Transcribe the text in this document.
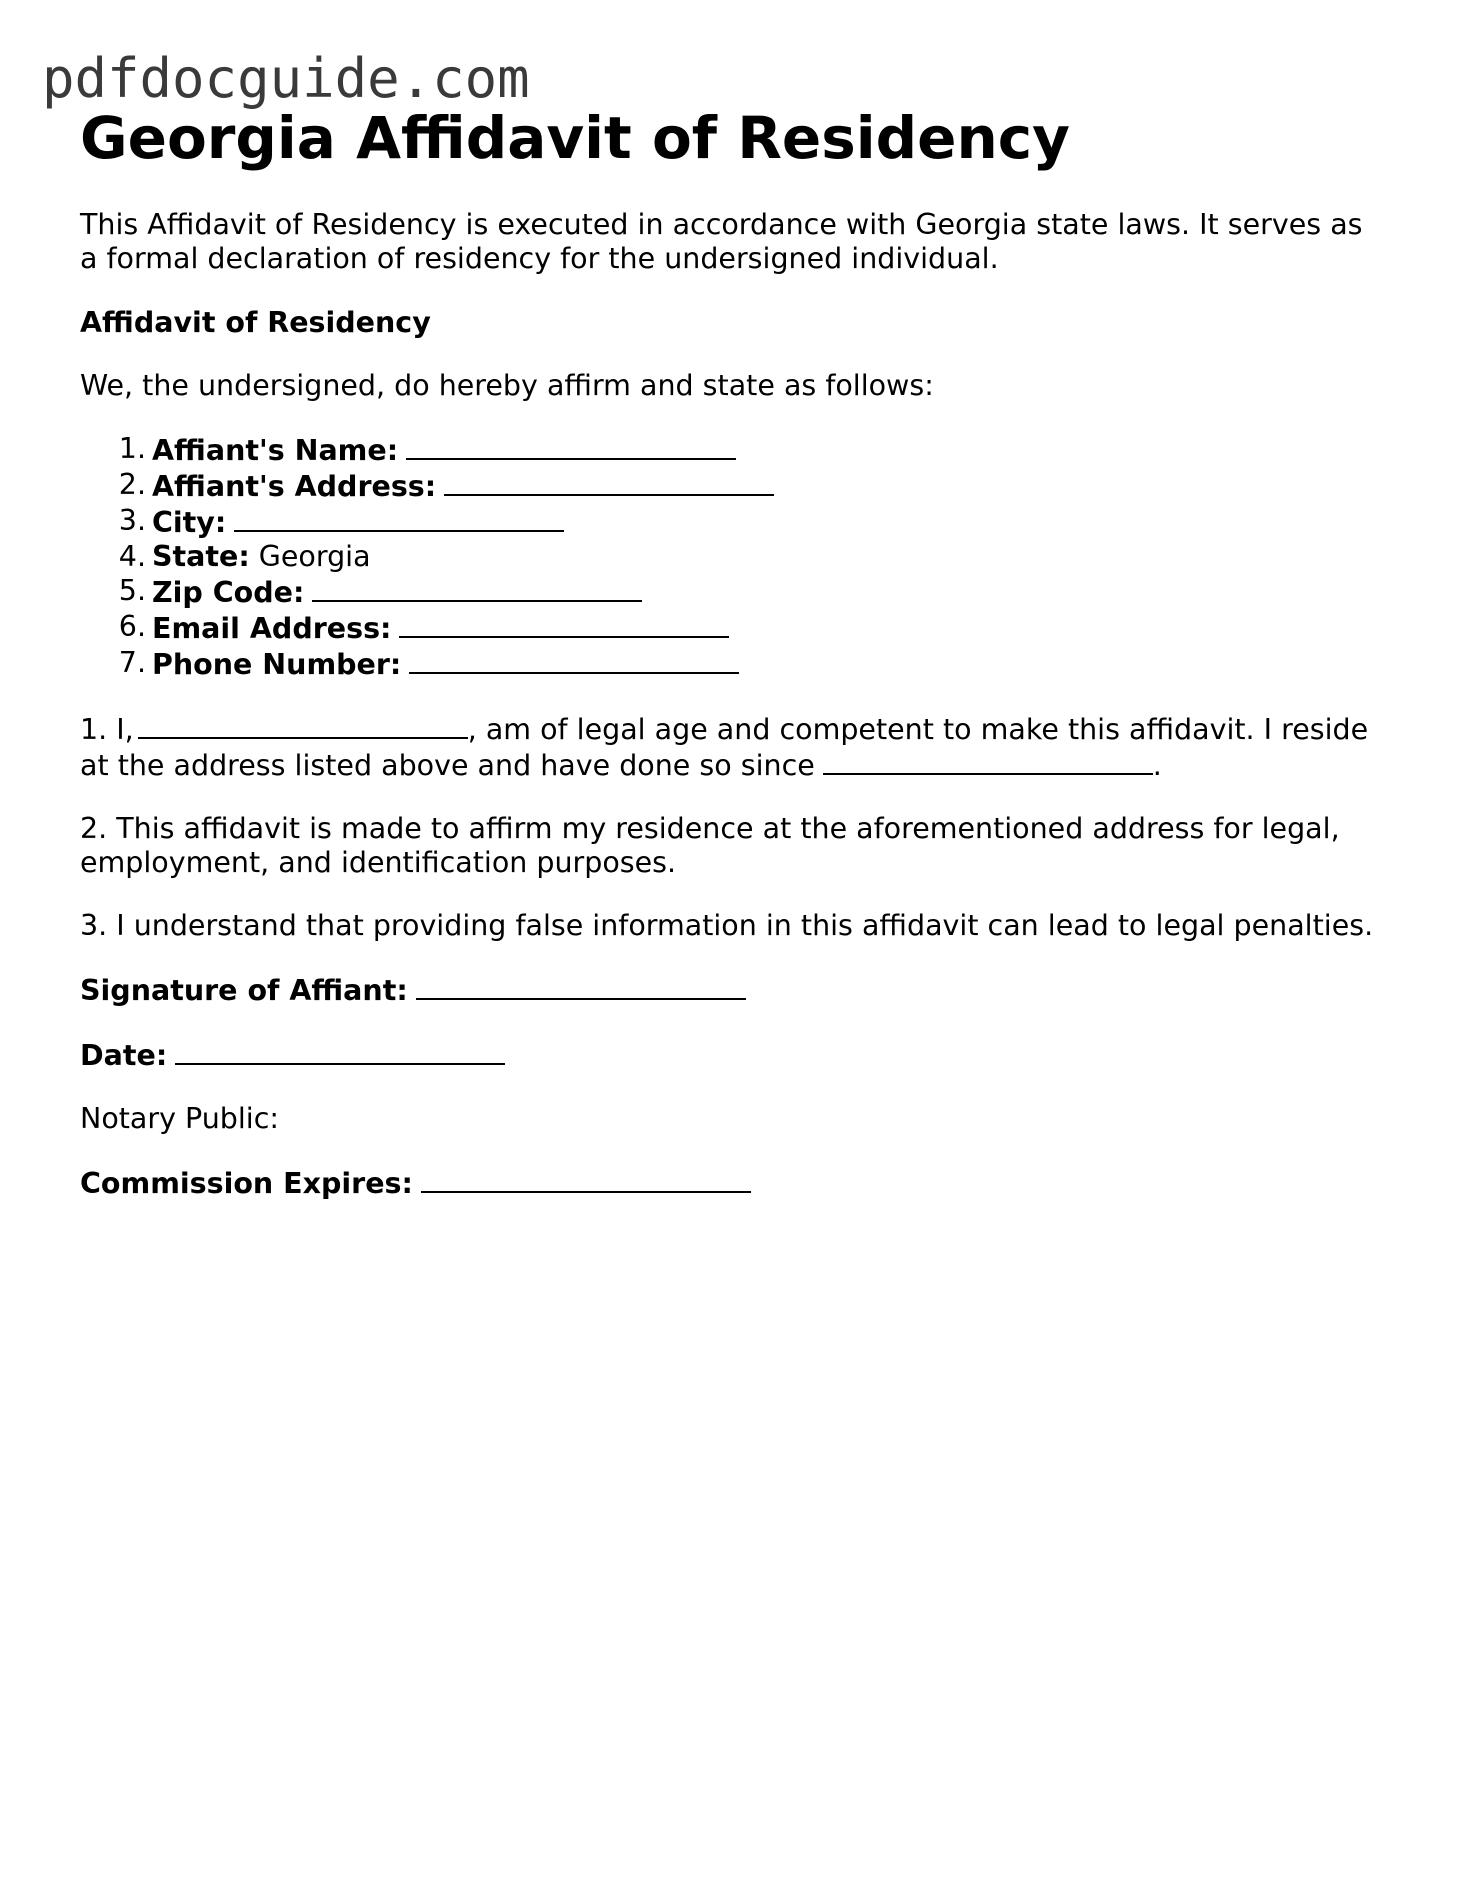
pdfdocguide.com
Georgia Affidavit of Residency

This Affidavit of Residency is executed in accordance with Georgia state laws. It serves as
a formal declaration of residency for the undersigned individual.

Affidavit of Residency

We, the undersigned, do hereby affirm and state as follows:

Affiant's Name:
Affiant's Address:
City:
State: Georgia
Zip Code:
Email Address:
Phone Number:

1. I,	, am of legal age and competent to make this affidavit. I reside
at the address listed above and have done so since	.

2. This affidavit is made to affirm my residence at the aforementioned address for legal,
employment, and identification purposes.

3. I understand that providing false information in this affidavit can lead to legal penalties.

Signature of Affiant:

Date:

Notary Public:

Commission Expires:
